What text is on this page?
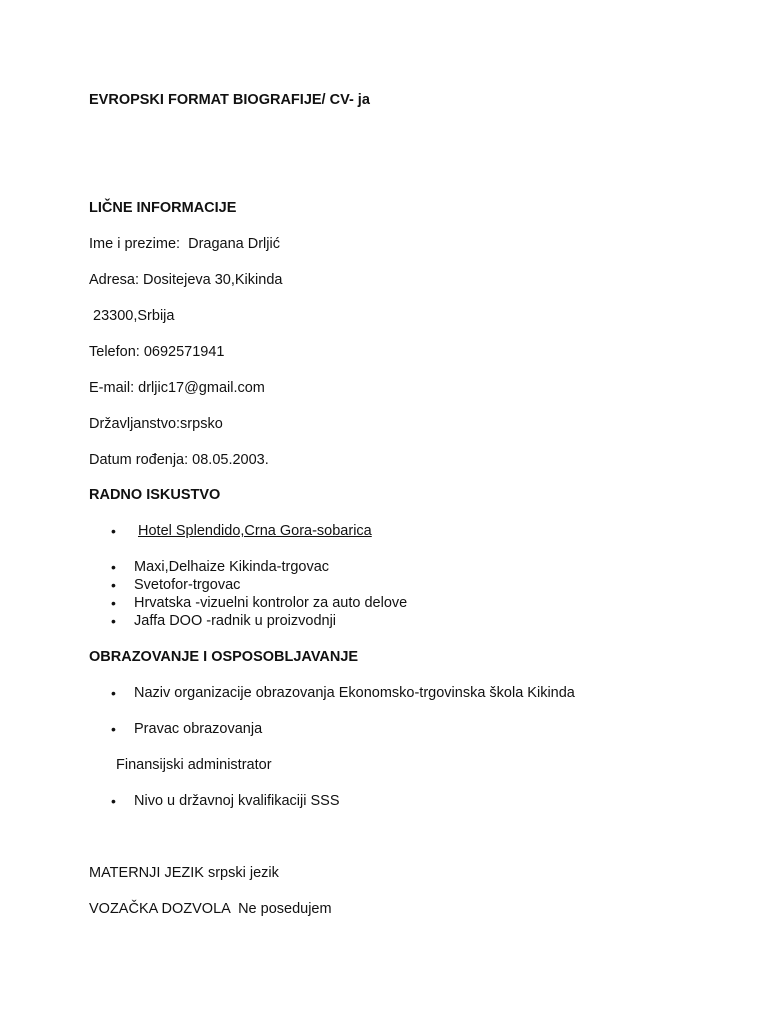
EVROPSKI FORMAT BIOGRAFIJE/ CV- ja
LIČNE INFORMACIJE
Ime i prezime:  Dragana Drljić
Adresa: Dositejeva 30,Kikinda
23300,Srbija
Telefon: 0692571941
E-mail: drljic17@gmail.com
Državljanstvo:srpsko
Datum rođenja: 08.05.2003.
RADNO ISKUSTVO
• Hotel Splendido,Crna Gora-sobarica
• Maxi,Delhaize Kikinda-trgovac
• Svetofor-trgovac
• Hrvatska -vizuelni kontrolor za auto delove
• Jaffa DOO -radnik u proizvodnji
OBRAZOVANJE I OSPOSOBLJAVANJE
• Naziv organizacije obrazovanja Ekonomsko-trgovinska škola Kikinda
• Pravac obrazovanja
Finansijski administrator
• Nivo u državnoj kvalifikaciji SSS
MATERNJI JEZIK srpski jezik
VOZAČKA DOZVOLA  Ne posedujem
